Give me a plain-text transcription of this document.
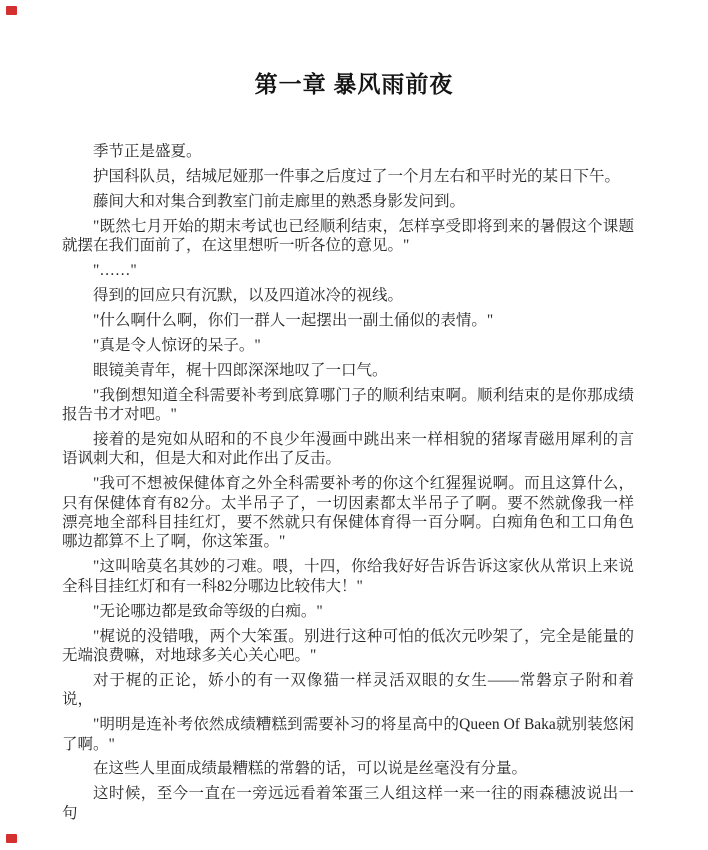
第一章 暴风雨前夜

季节正是盛夏。

护国科队员，结城尼娅那一件事之后度过了一个月左右和平时光的某日下午。

藤间大和对集合到教室门前走廊里的熟悉身影发问到。

"既然七月开始的期末考试也已经顺利结束，怎样享受即将到来的暑假这个课题就摆在我们面前了，在这里想听一听各位的意见。"

"……"

得到的回应只有沉默，以及四道冰冷的视线。

"什么啊什么啊，你们一群人一起摆出一副土俑似的表情。"

"真是令人惊讶的呆子。"

眼镜美青年，梶十四郎深深地叹了一口气。

"我倒想知道全科需要补考到底算哪门子的顺利结束啊。顺利结束的是你那成绩报告书才对吧。"

接着的是宛如从昭和的不良少年漫画中跳出来一样相貌的猪塚青磁用犀利的言语讽刺大和，但是大和对此作出了反击。

"我可不想被保健体育之外全科需要补考的你这个红猩猩说啊。而且这算什么，只有保健体育有82分。太半吊子了，一切因素都太半吊子了啊。要不然就像我一样漂亮地全部科目挂红灯，要不然就只有保健体育得一百分啊。白痴角色和工口角色哪边都算不上了啊，你这笨蛋。"

"这叫啥莫名其妙的刁难。喂，十四，你给我好好告诉告诉这家伙从常识上来说全科目挂红灯和有一科82分哪边比较伟大！"

"无论哪边都是致命等级的白痴。"

"梶说的没错哦，两个大笨蛋。别进行这种可怕的低次元吵架了，完全是能量的无端浪费嘛，对地球多关心关心吧。"

对于梶的正论，娇小的有一双像猫一样灵活双眼的女生——常磐京子附和着说，

"明明是连补考依然成绩糟糕到需要补习的将星高中的Queen Of Baka就别装悠闲了啊。"

在这些人里面成绩最糟糕的常磐的话，可以说是丝毫没有分量。

这时候，至今一直在一旁远远看着笨蛋三人组这样一来一往的雨森穗波说出一句
